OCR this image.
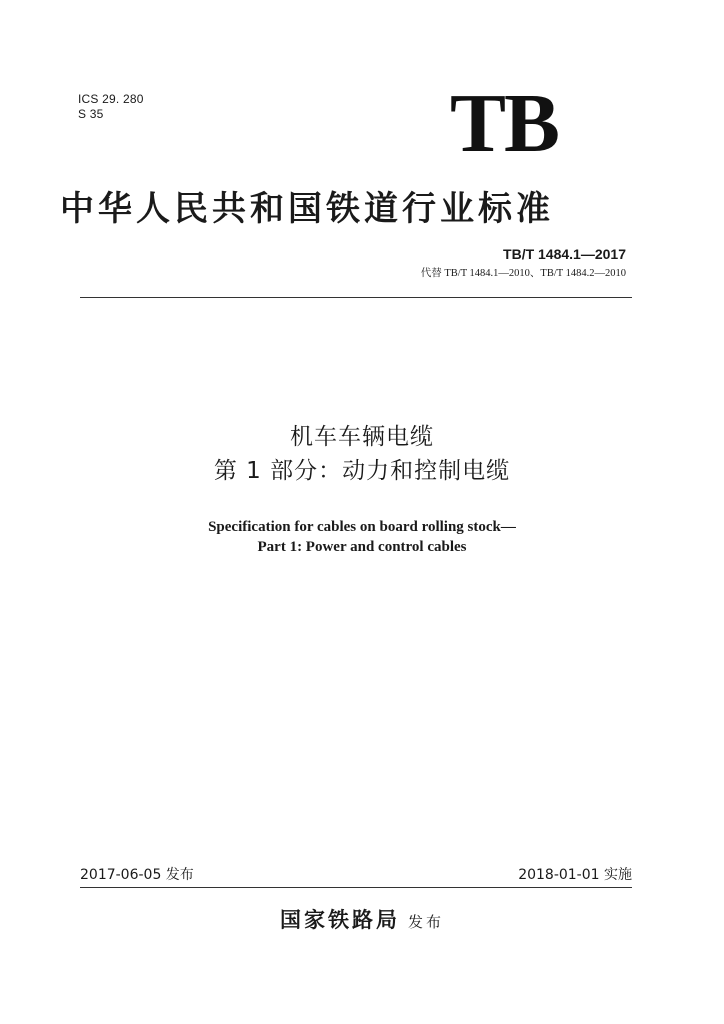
ICS 29. 280
S 35	TB
中华人民共和国铁道行业标准
TB/T 1484.1—2017
代替 TB/T 1484.1—2010、TB/T 1484.2—2010
机车车辆电缆
第 1 部分：动力和控制电缆
Specification for cables on board rolling stock—
Part 1: Power and control cables
2017-06-05 发布	2018-01-01 实施
国家铁路局 发布
